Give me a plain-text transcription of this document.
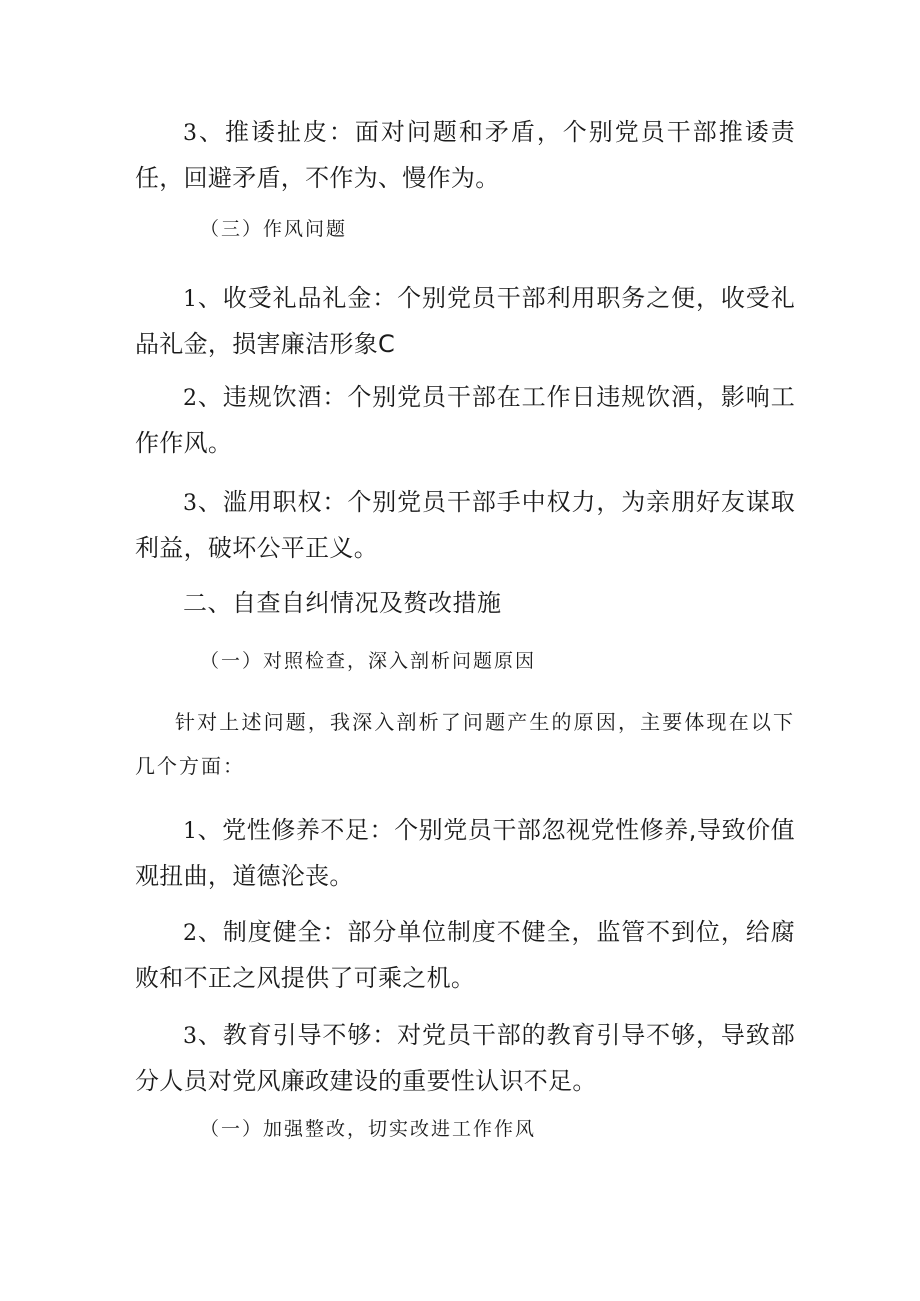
3、推诿扯皮：面对问题和矛盾，个别党员干部推诿责任，回避矛盾，不作为、慢作为。

（三）作风问题

1、收受礼品礼金：个别党员干部利用职务之便，收受礼品礼金，损害廉洁形象C

2、违规饮酒：个别党员干部在工作日违规饮酒，影响工作作风。

3、滥用职权：个别党员干部手中权力，为亲朋好友谋取利益，破坏公平正义。

二、自查自纠情况及赘改措施

（一）对照检查，深入剖析问题原因

针对上述问题，我深入剖析了问题产生的原因，主要体现在以下几个方面：

1、党性修养不足：个别党员干部忽视党性修养,导致价值观扭曲，道德沦丧。

2、制度健全：部分单位制度不健全，监管不到位，给腐败和不正之风提供了可乘之机。

3、教育引导不够：对党员干部的教育引导不够，导致部分人员对党风廉政建设的重要性认识不足。

（一）加强整改，切实改进工作作风
